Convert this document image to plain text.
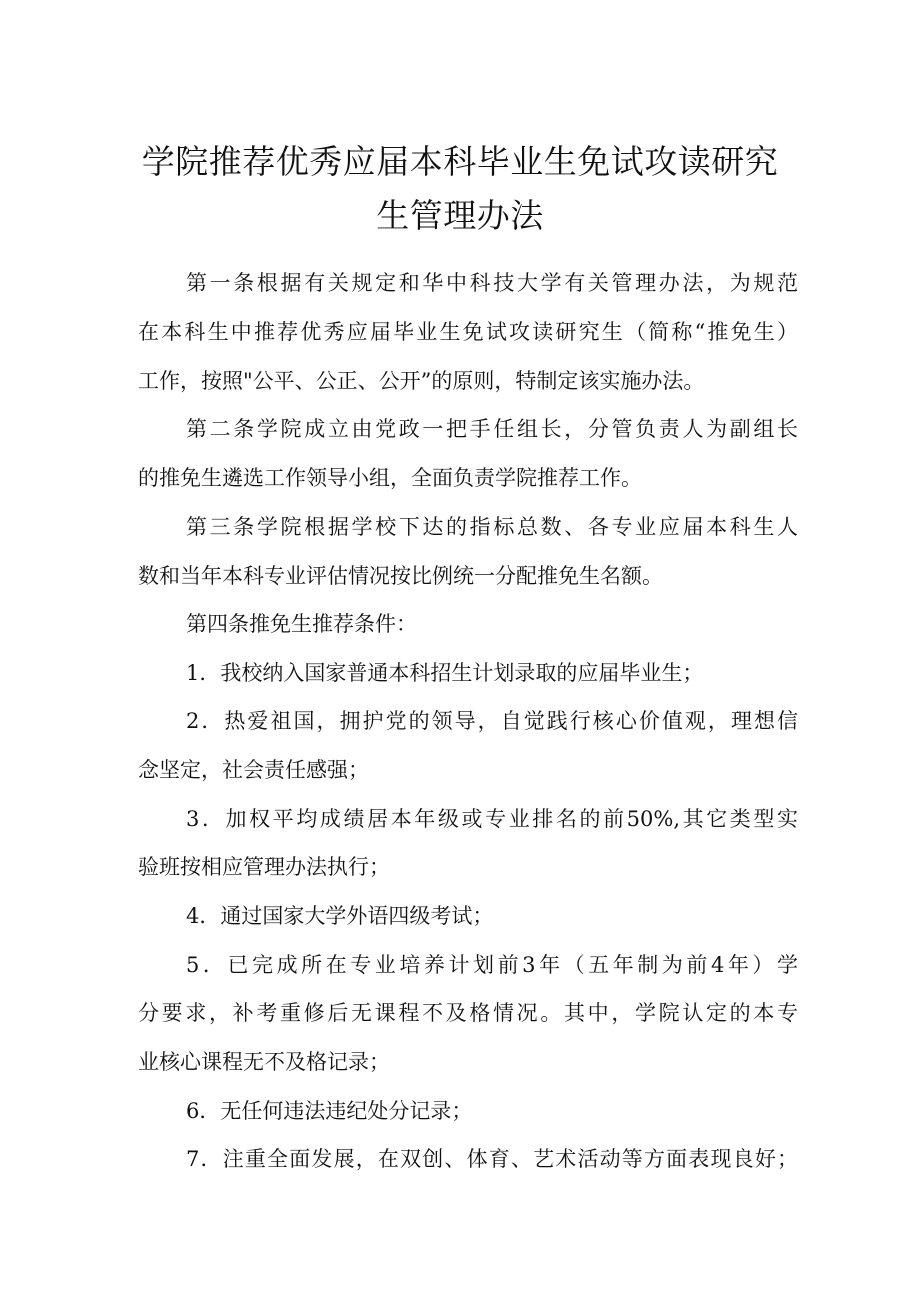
学院推荐优秀应届本科毕业生免试攻读研究
生管理办法

第一条根据有关规定和华中科技大学有关管理办法，为规范

在本科生中推荐优秀应届毕业生免试攻读研究生（简称“推免生）

工作，按照"公平、公正、公开”的原则，特制定该实施办法。

第二条学院成立由党政一把手任组长，分管负责人为副组长

的推免生遴选工作领导小组，全面负责学院推荐工作。

第三条学院根据学校下达的指标总数、各专业应届本科生人

数和当年本科专业评估情况按比例统一分配推免生名额。

第四条推免生推荐条件：

1．我校纳入国家普通本科招生计划录取的应届毕业生；

2．热爱祖国，拥护党的领导，自觉践行核心价值观，理想信

念坚定，社会责任感强；

3．加权平均成绩居本年级或专业排名的前50%,其它类型实

验班按相应管理办法执行；

4．通过国家大学外语四级考试；

5．已完成所在专业培养计划前3年（五年制为前4年）学

分要求，补考重修后无课程不及格情况。其中，学院认定的本专

业核心课程无不及格记录；

6．无任何违法违纪处分记录；

7．注重全面发展，在双创、体育、艺术活动等方面表现良好；
